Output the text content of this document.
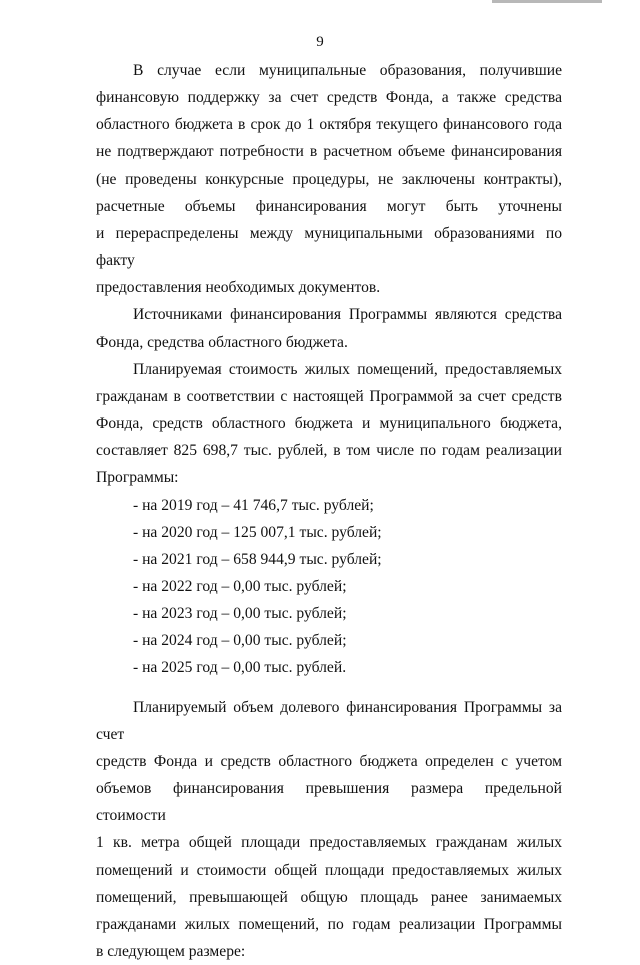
9
В случае если муниципальные образования, получившие
финансовую поддержку за счет средств Фонда, а также средства
областного бюджета в срок до 1 октября текущего финансового года
не подтверждают потребности в расчетном объеме финансирования
(не проведены конкурсные процедуры, не заключены контракты),
расчетные объемы финансирования могут быть уточнены
и перераспределены между муниципальными образованиями по факту
предоставления необходимых документов.
Источниками финансирования Программы являются средства
Фонда, средства областного бюджета.
Планируемая стоимость жилых помещений, предоставляемых
гражданам в соответствии с настоящей Программой за счет средств
Фонда, средств областного бюджета и муниципального бюджета,
составляет 825 698,7 тыс. рублей, в том числе по годам реализации
Программы:
- на 2019 год – 41 746,7 тыс. рублей;
- на 2020 год – 125 007,1 тыс. рублей;
- на 2021 год – 658 944,9 тыс. рублей;
- на 2022 год – 0,00 тыс. рублей;
- на 2023 год – 0,00 тыс. рублей;
- на 2024 год – 0,00 тыс. рублей;
- на 2025 год – 0,00 тыс. рублей.
Планируемый объем долевого финансирования Программы за счет
средств Фонда и средств областного бюджета определен с учетом
объемов финансирования превышения размера предельной стоимости
1 кв. метра общей площади предоставляемых гражданам жилых
помещений и стоимости общей площади предоставляемых жилых
помещений, превышающей общую площадь ранее занимаемых
гражданами жилых помещений, по годам реализации Программы
в следующем размере:
